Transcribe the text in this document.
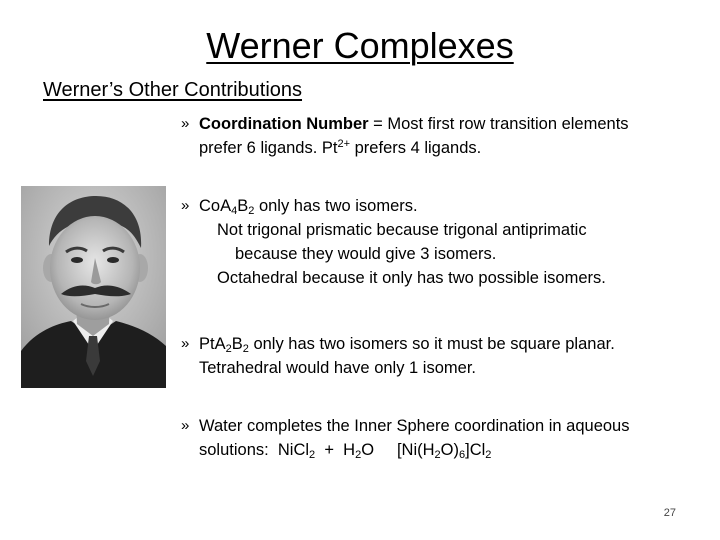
Werner Complexes
Werner’s Other Contributions
» Coordination Number = Most first row transition elements
prefer 6 ligands. $Pt^{2+}$ prefers 4 ligands.
» $CoA_4B_2$ only has two isomers.
Not trigonal prismatic because trigonal antiprimatic
because they would give 3 isomers.
Octahedral because it only has two possible isomers.
» $PtA_2B_2$ only has two isomers so it must be square planar.
Tetrahedral would have only 1 isomer.
» Water completes the Inner Sphere coordination in aqueous
solutions:  NiCl$_2$  +  $H_2O$     $[Ni(H_2O)_6]Cl_2$
27
